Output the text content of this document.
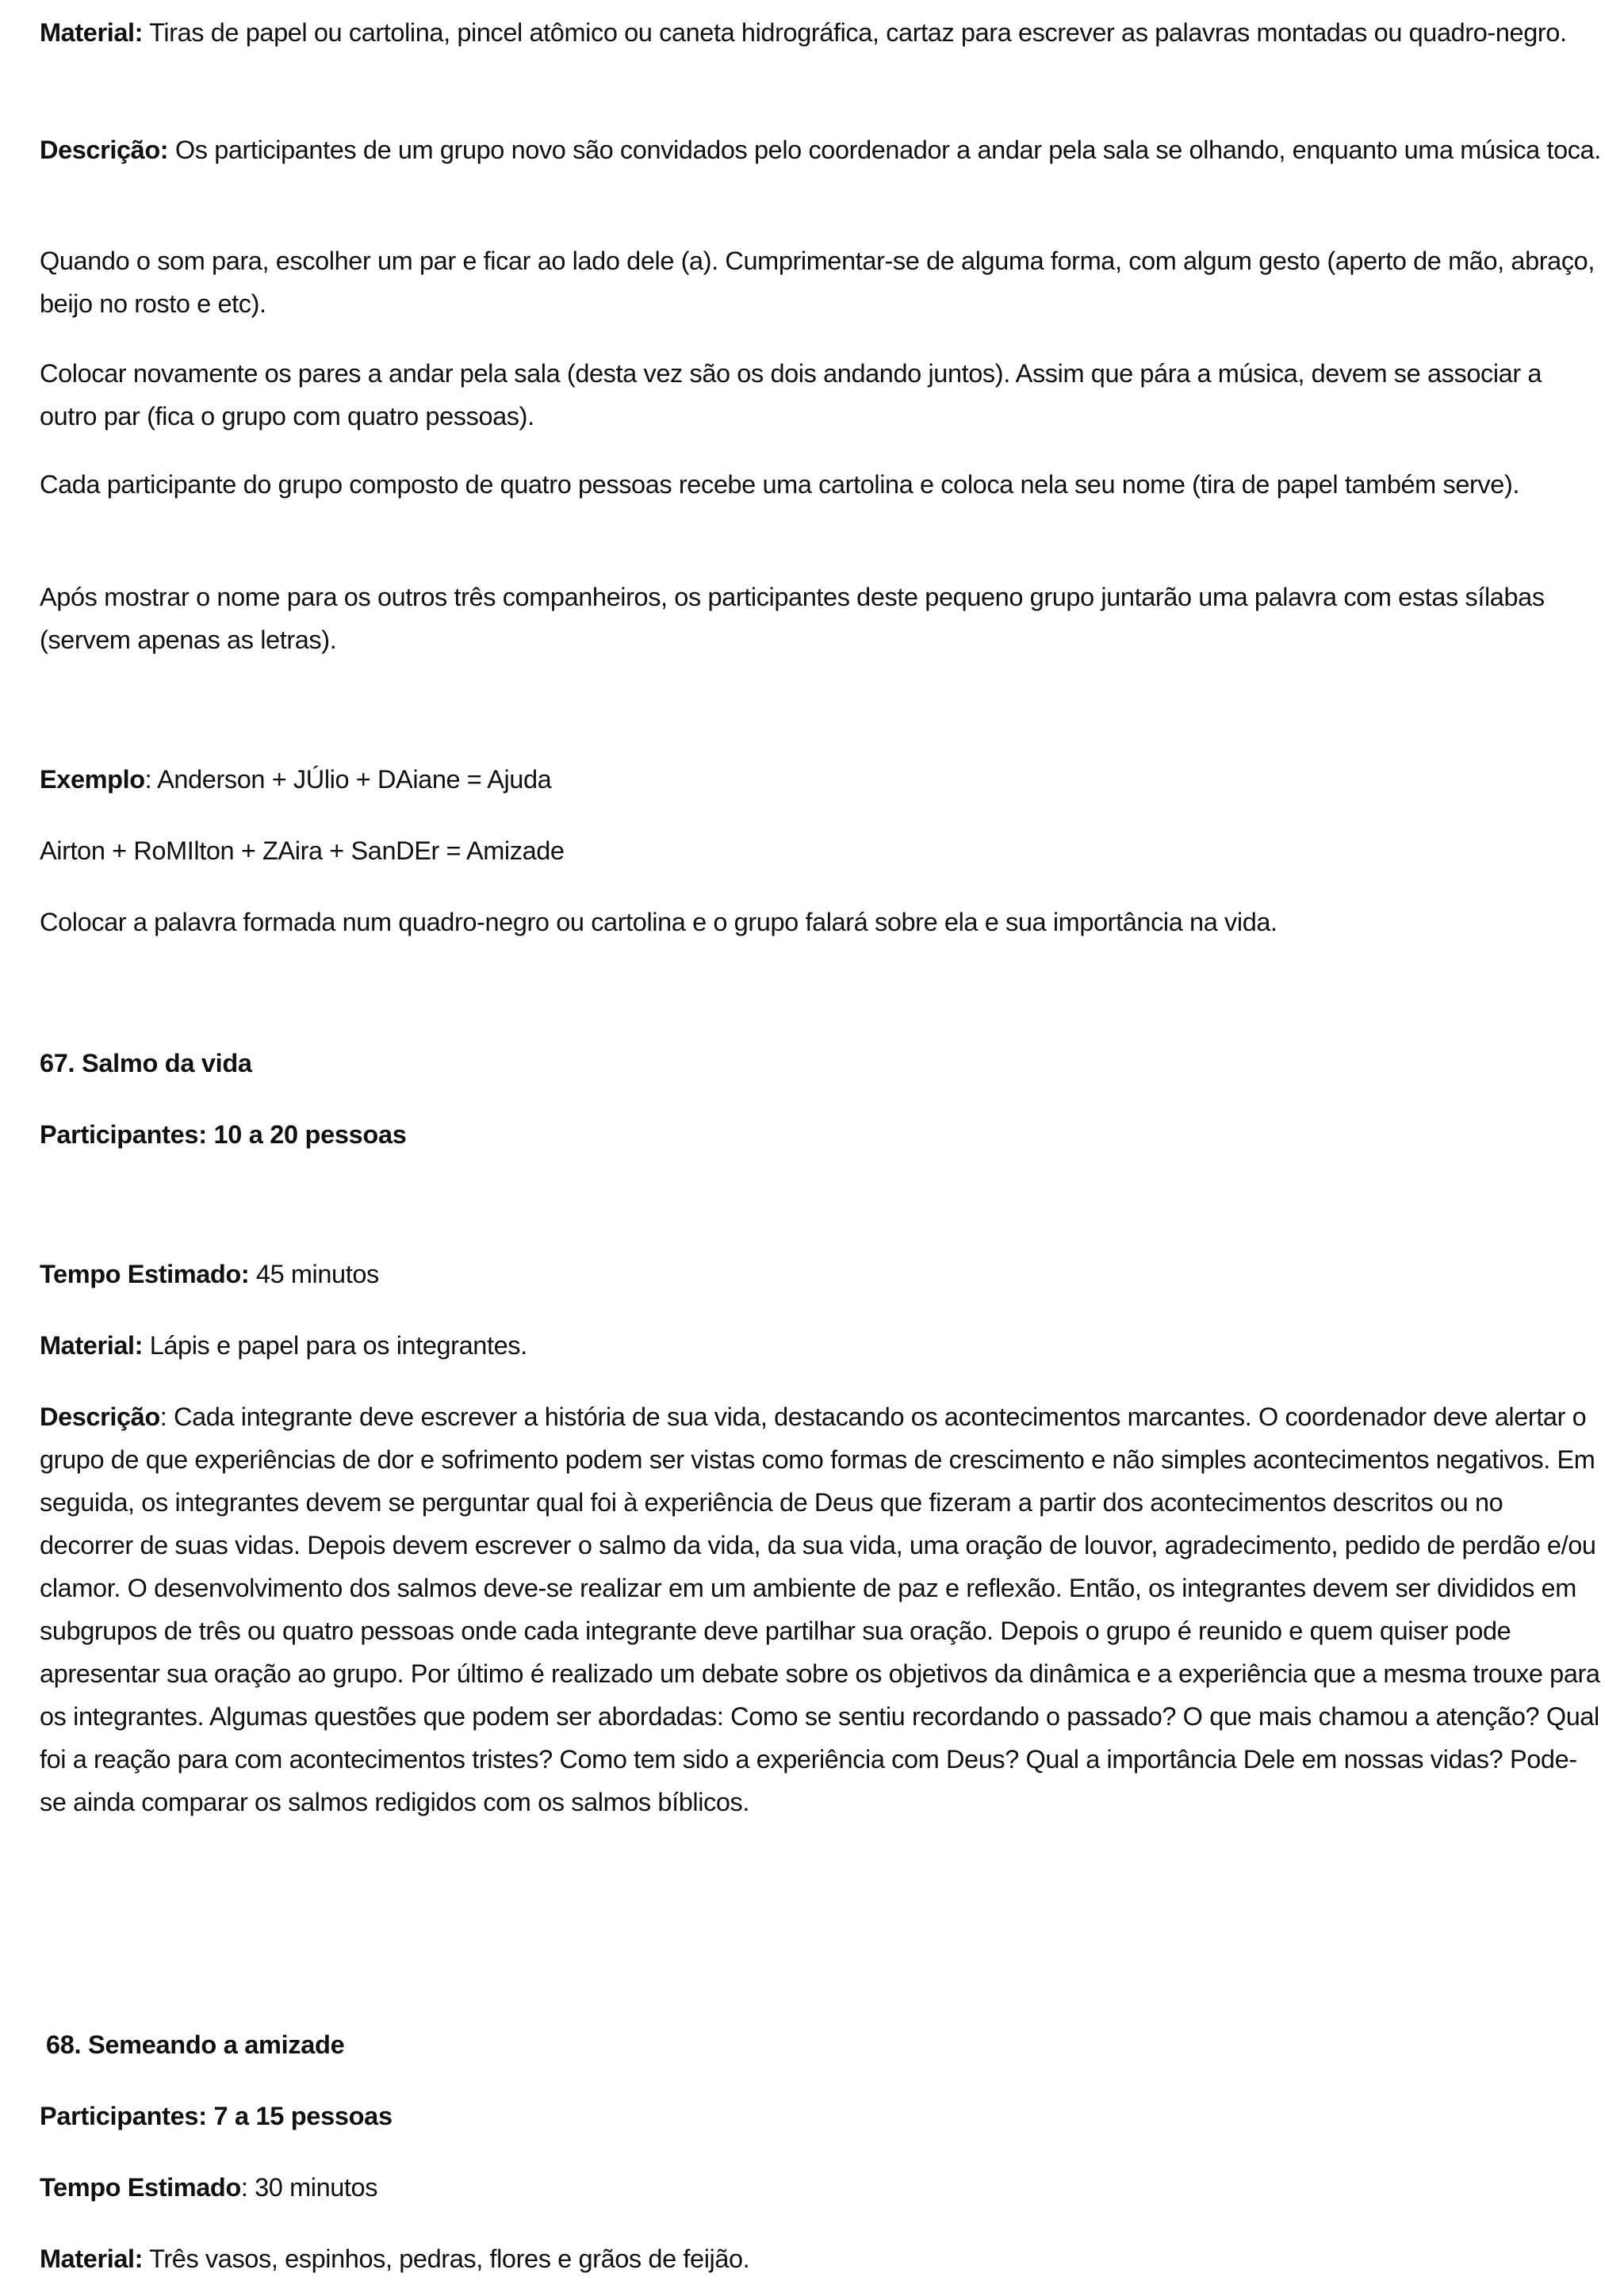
Material: Tiras de papel ou cartolina, pincel atômico ou caneta hidrográfica, cartaz para escrever as palavras montadas ou quadro-negro.

Descrição: Os participantes de um grupo novo são convidados pelo coordenador a andar pela sala se olhando, enquanto uma música toca.

Quando o som para, escolher um par e ficar ao lado dele (a). Cumprimentar-se de alguma forma, com algum gesto (aperto de mão, abraço, beijo no rosto e etc).

Colocar novamente os pares a andar pela sala (desta vez são os dois andando juntos). Assim que pára a música, devem se associar a outro par (fica o grupo com quatro pessoas).

Cada participante do grupo composto de quatro pessoas recebe uma cartolina e coloca nela seu nome (tira de papel também serve).

Após mostrar o nome para os outros três companheiros, os participantes deste pequeno grupo juntarão uma palavra com estas sílabas (servem apenas as letras).

Exemplo: Anderson + JÚlio + DAiane = Ajuda

Airton + RoMIlton + ZAira + SanDEr = Amizade

Colocar a palavra formada num quadro-negro ou cartolina e o grupo falará sobre ela e sua importância na vida.

67. Salmo da vida

Participantes: 10 a 20 pessoas

Tempo Estimado: 45 minutos

Material: Lápis e papel para os integrantes.

Descrição: Cada integrante deve escrever a história de sua vida, destacando os acontecimentos marcantes. O coordenador deve alertar o grupo de que experiências de dor e sofrimento podem ser vistas como formas de crescimento e não simples acontecimentos negativos. Em seguida, os integrantes devem se perguntar qual foi à experiência de Deus que fizeram a partir dos acontecimentos descritos ou no decorrer de suas vidas. Depois devem escrever o salmo da vida, da sua vida, uma oração de louvor, agradecimento, pedido de perdão e/ou clamor. O desenvolvimento dos salmos deve-se realizar em um ambiente de paz e reflexão. Então, os integrantes devem ser divididos em subgrupos de três ou quatro pessoas onde cada integrante deve partilhar sua oração. Depois o grupo é reunido e quem quiser pode apresentar sua oração ao grupo. Por último é realizado um debate sobre os objetivos da dinâmica e a experiência que a mesma trouxe para os integrantes. Algumas questões que podem ser abordadas: Como se sentiu recordando o passado? O que mais chamou a atenção? Qual foi a reação para com acontecimentos tristes? Como tem sido a experiência com Deus? Qual a importância Dele em nossas vidas? Pode-se ainda comparar os salmos redigidos com os salmos bíblicos.

68. Semeando a amizade

Participantes: 7 a 15 pessoas

Tempo Estimado: 30 minutos

Material: Três vasos, espinhos, pedras, flores e grãos de feijão.
